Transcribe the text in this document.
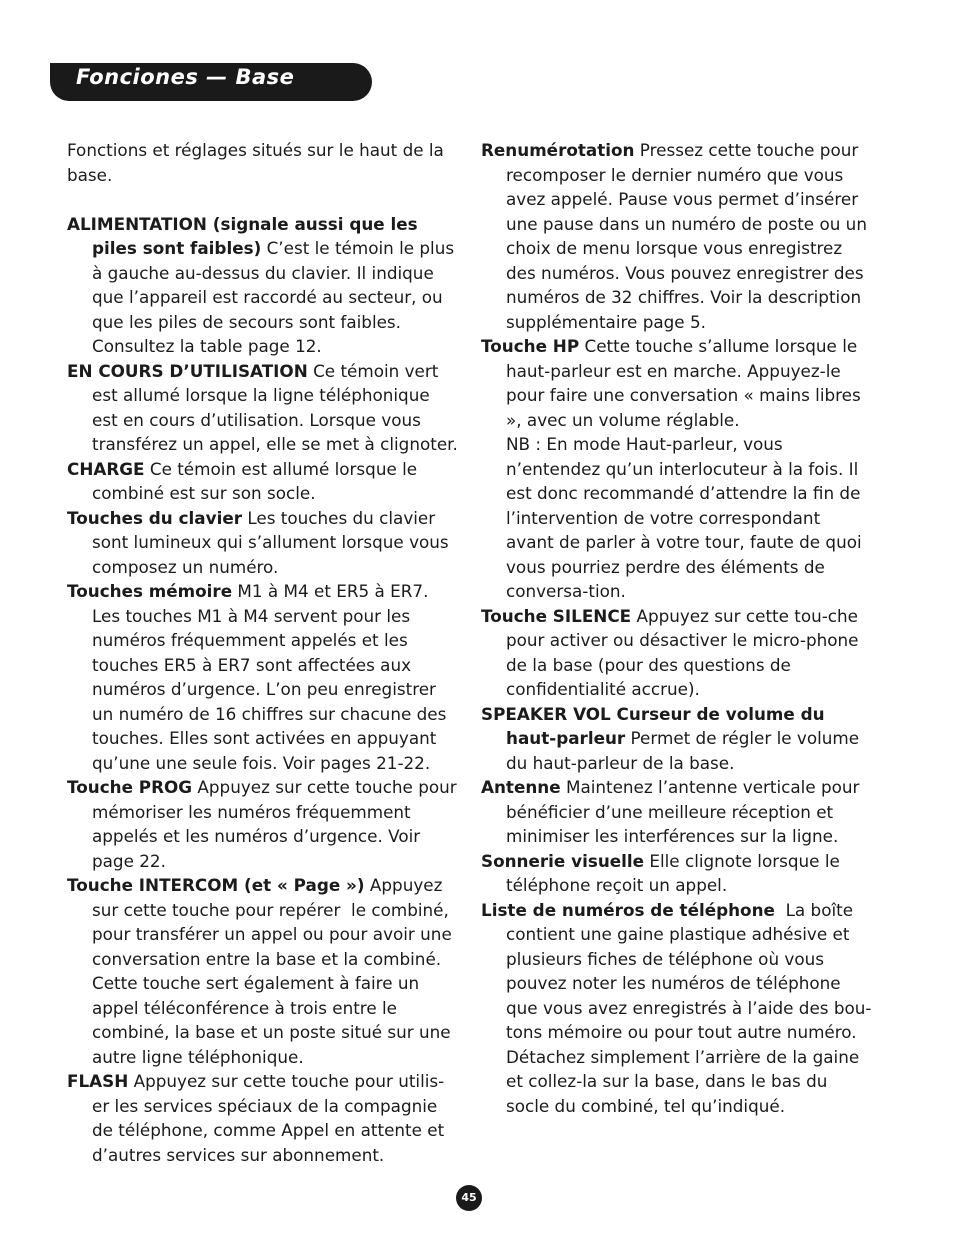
Fonciones — Base

Fonctions et réglages situés sur le haut de la base.

ALIMENTATION (signale aussi que les piles sont faibles) C’est le témoin le plus à gauche au-dessus du clavier. Il indique que l’appareil est raccordé au secteur, ou que les piles de secours sont faibles. Consultez la table page 12.

EN COURS D’UTILISATION Ce témoin vert est allumé lorsque la ligne téléphonique est en cours d’utilisation. Lorsque vous transférez un appel, elle se met à clignoter.

CHARGE Ce témoin est allumé lorsque le combiné est sur son socle.

Touches du clavier Les touches du clavier sont lumineux qui s’allument lorsque vous composez un numéro.

Touches mémoire M1 à M4 et ER5 à ER7. Les touches M1 à M4 servent pour les numéros fréquemment appelés et les touches ER5 à ER7 sont affectées aux numéros d’urgence. L’on peu enregistrer un numéro de 16 chiffres sur chacune des touches. Elles sont activées en appuyant qu’une une seule fois. Voir pages 21-22.

Touche PROG Appuyez sur cette touche pour mémoriser les numéros fréquemment appelés et les numéros d’urgence. Voir page 22.

Touche INTERCOM (et « Page ») Appuyez sur cette touche pour repérer  le combiné, pour transférer un appel ou pour avoir une conversation entre la base et la combiné. Cette touche sert également à faire un appel téléconférence à trois entre le combiné, la base et un poste situé sur une autre ligne téléphonique.

FLASH Appuyez sur cette touche pour utilis-er les services spéciaux de la compagnie de téléphone, comme Appel en attente et d’autres services sur abonnement.

Renumérotation Pressez cette touche pour recomposer le dernier numéro que vous avez appelé. Pause vous permet d’insérer une pause dans un numéro de poste ou un choix de menu lorsque vous enregistrez des numéros. Vous pouvez enregistrer des numéros de 32 chiffres. Voir la description supplémentaire page 5.

Touche HP Cette touche s’allume lorsque le haut-parleur est en marche. Appuyez-le pour faire une conversation « mains libres », avec un volume réglable.
NB : En mode Haut-parleur, vous n’entendez qu’un interlocuteur à la fois. Il est donc recommandé d’attendre la fin de l’intervention de votre correspondant avant de parler à votre tour, faute de quoi vous pourriez perdre des éléments de conversa-tion.

Touche SILENCE Appuyez sur cette tou-che pour activer ou désactiver le micro-phone de la base (pour des questions de confidentialité accrue).

SPEAKER VOL Curseur de volume du haut-parleur Permet de régler le volume du haut-parleur de la base.

Antenne Maintenez l’antenne verticale pour bénéficier d’une meilleure réception et minimiser les interférences sur la ligne.

Sonnerie visuelle Elle clignote lorsque le téléphone reçoit un appel.

Liste de numéros de téléphone  La boîte contient une gaine plastique adhésive et plusieurs fiches de téléphone où vous pouvez noter les numéros de téléphone que vous avez enregistrés à l’aide des bou-tons mémoire ou pour tout autre numéro. Détachez simplement l’arrière de la gaine et collez-la sur la base, dans le bas du socle du combiné, tel qu’indiqué.

45
